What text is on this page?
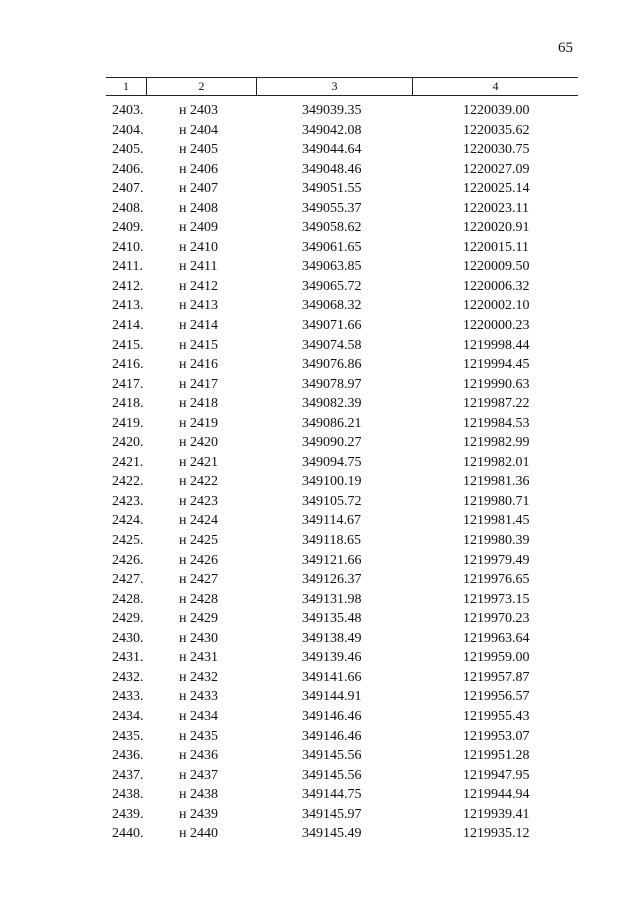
65
1	2	3	4
2403.	н 2403	349039.35	1220039.00
2404.	н 2404	349042.08	1220035.62
2405.	н 2405	349044.64	1220030.75
2406.	н 2406	349048.46	1220027.09
2407.	н 2407	349051.55	1220025.14
2408.	н 2408	349055.37	1220023.11
2409.	н 2409	349058.62	1220020.91
2410.	н 2410	349061.65	1220015.11
2411.	н 2411	349063.85	1220009.50
2412.	н 2412	349065.72	1220006.32
2413.	н 2413	349068.32	1220002.10
2414.	н 2414	349071.66	1220000.23
2415.	н 2415	349074.58	1219998.44
2416.	н 2416	349076.86	1219994.45
2417.	н 2417	349078.97	1219990.63
2418.	н 2418	349082.39	1219987.22
2419.	н 2419	349086.21	1219984.53
2420.	н 2420	349090.27	1219982.99
2421.	н 2421	349094.75	1219982.01
2422.	н 2422	349100.19	1219981.36
2423.	н 2423	349105.72	1219980.71
2424.	н 2424	349114.67	1219981.45
2425.	н 2425	349118.65	1219980.39
2426.	н 2426	349121.66	1219979.49
2427.	н 2427	349126.37	1219976.65
2428.	н 2428	349131.98	1219973.15
2429.	н 2429	349135.48	1219970.23
2430.	н 2430	349138.49	1219963.64
2431.	н 2431	349139.46	1219959.00
2432.	н 2432	349141.66	1219957.87
2433.	н 2433	349144.91	1219956.57
2434.	н 2434	349146.46	1219955.43
2435.	н 2435	349146.46	1219953.07
2436.	н 2436	349145.56	1219951.28
2437.	н 2437	349145.56	1219947.95
2438.	н 2438	349144.75	1219944.94
2439.	н 2439	349145.97	1219939.41
2440.	н 2440	349145.49	1219935.12
